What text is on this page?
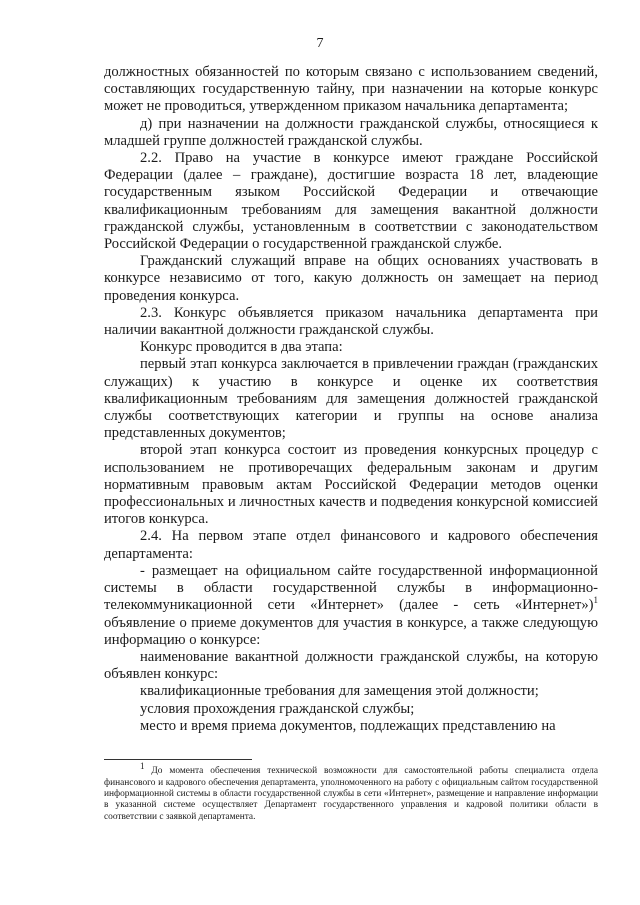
7

должностных обязанностей по которым связано с использованием сведений, составляющих государственную тайну, при назначении на которые конкурс может не проводиться, утвержденном приказом начальника департамента;

д) при назначении на должности гражданской службы, относящиеся к младшей группе должностей гражданской службы.

2.2. Право на участие в конкурсе имеют граждане Российской Федерации (далее – граждане), достигшие возраста 18 лет, владеющие государственным языком Российской Федерации и отвечающие квалификационным требованиям для замещения вакантной должности гражданской службы, установленным в соответствии с законодательством Российской Федерации о государственной гражданской службе.

Гражданский служащий вправе на общих основаниях участвовать в конкурсе независимо от того, какую должность он замещает на период проведения конкурса.

2.3. Конкурс объявляется приказом начальника департамента при наличии вакантной должности гражданской службы.

Конкурс проводится в два этапа:

первый этап конкурса заключается в привлечении граждан (гражданских служащих) к участию в конкурсе и оценке их соответствия квалификационным требованиям для замещения должностей гражданской службы соответствующих категории и группы на основе анализа представленных документов;

второй этап конкурса состоит из проведения конкурсных процедур с использованием не противоречащих федеральным законам и другим нормативным правовым актам Российской Федерации методов оценки профессиональных и личностных качеств и подведения конкурсной комиссией итогов конкурса.

2.4. На первом этапе отдел финансового и кадрового обеспечения департамента:

- размещает на официальном сайте государственной информационной системы в области государственной службы в информационно-телекоммуникационной сети «Интернет» (далее - сеть «Интернет»)$^1$ объявление о приеме документов для участия в конкурсе, а также следующую информацию о конкурсе:

наименование вакантной должности гражданской службы, на которую объявлен конкурс:

квалификационные требования для замещения этой должности;

условия прохождения гражданской службы;

место и время приема документов, подлежащих представлению на

$^1$ До момента обеспечения технической возможности для самостоятельной работы специалиста отдела финансового и кадрового обеспечения департамента, уполномоченного на работу с официальным сайтом государственной информационной системы в области государственной службы в сети «Интернет», размещение и направление информации в указанной системе осуществляет Департамент государственного управления и кадровой политики области в соответствии с заявкой департамента.
